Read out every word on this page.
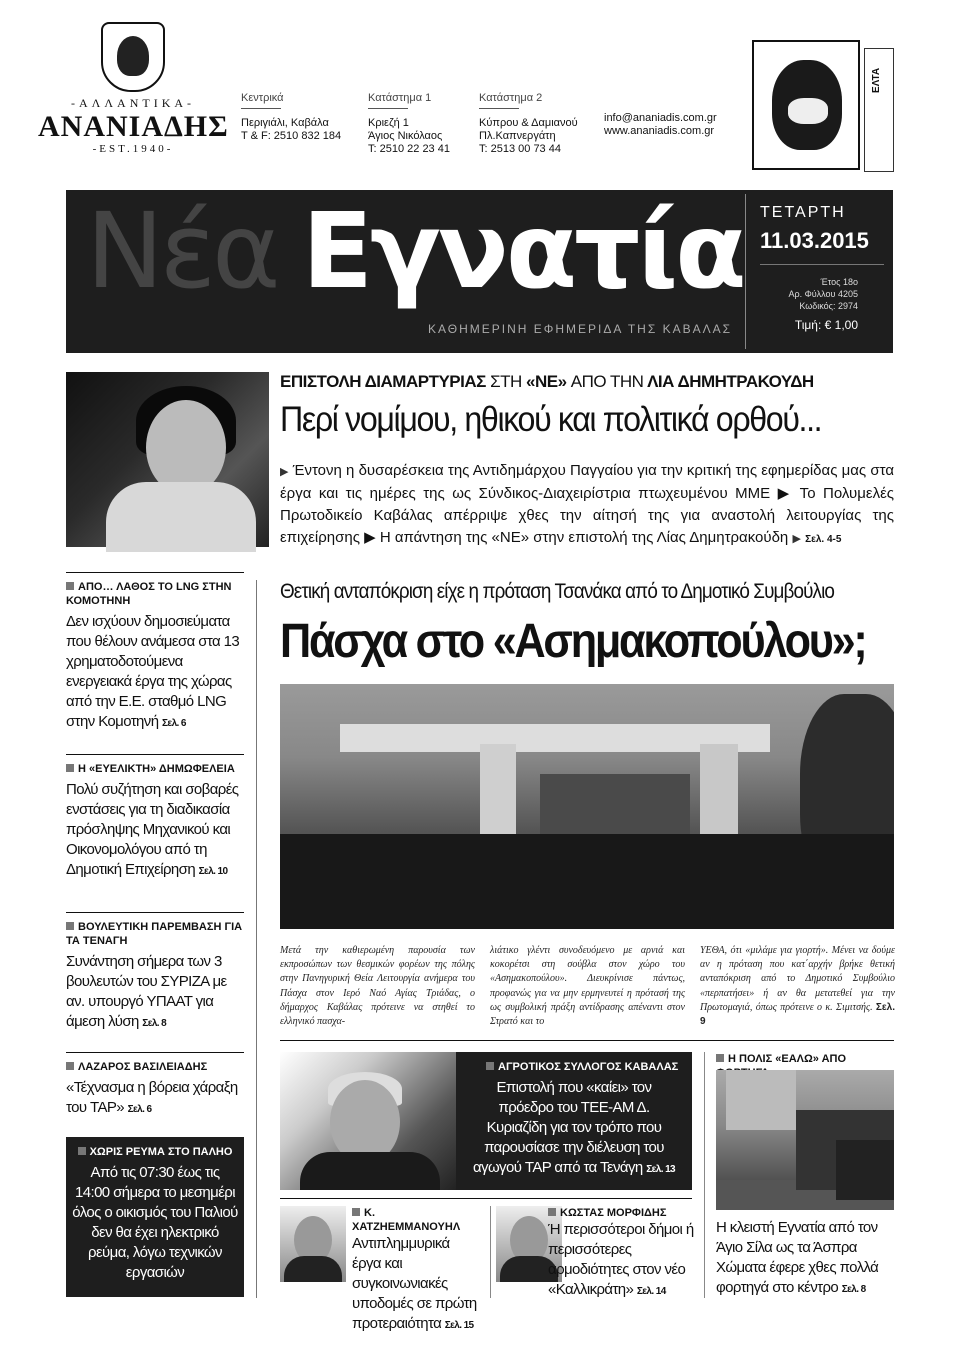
-ΑΛΛΑΝΤΙΚΑ-
ΑΝΑΝΙΑΔΗΣ
-EST.1940-
Κεντρικά
Περιγιάλι, Καβάλα
Τ & F: 2510 832 184
Κατάστημα 1
Κριεζή 1
Άγιος Νικόλαος
Τ: 2510 22 23 41
Κατάστημα 2
Κύπρου & Δαμιανού
Πλ.Καπνεργάτη
Τ: 2513 00 73 44
info@ananiadis.com.gr
www.ananiadis.com.gr
ΕΛΤΑ
Νέα Εγνατία
ΚΑΘΗΜΕΡΙΝΗ ΕΦΗΜΕΡΙΔΑ ΤΗΣ ΚΑΒΑΛΑΣ
ΤΕΤΑΡΤΗ
11.03.2015
Έτος 18ο
Αρ. Φύλλου 4205
Κωδικός: 2974
Τιμή: € 1,00
ΕΠΙΣΤΟΛΗ ΔΙΑΜΑΡΤΥΡΙΑΣ ΣΤΗ «ΝΕ» ΑΠΟ ΤΗΝ ΛΙΑ ΔΗΜΗΤΡΑΚΟΥΔΗ
Περί νομίμου, ηθικού και πολιτικά ορθού...
▶ Έντονη η δυσαρέσκεια της Αντιδημάρχου Παγγαίου για την κριτική της εφημερίδας μας στα έργα και τις ημέρες της ως Σύνδικος-Διαχειρίστρια πτωχευμένου ΜΜΕ ▶ Το Πολυμελές Πρωτοδικείο Καβάλας απέρριψε χθες την αίτησή της για αναστολή λειτουργίας της επιχείρησης ▶ Η απάντηση της «ΝΕ» στην επιστολή της Λίας Δημητρακούδη ▶ Σελ. 4-5
ΑΠΟ… ΛΑΘΟΣ ΤΟ LNG ΣΤΗΝ ΚΟΜΟΤΗΝΗ
Δεν ισχύουν δημοσιεύματα που θέλουν ανάμεσα στα 13 χρηματοδοτούμενα ενεργειακά έργα της χώρας από την Ε.Ε. σταθμό LNG στην Κομοτηνή Σελ. 6
Η «ΕΥΕΛΙΚΤΗ» ΔΗΜΩΦΕΛΕΙΑ
Πολύ συζήτηση και σοβαρές ενστάσεις για τη διαδικασία πρόσληψης Μηχανικού και Οικονομολόγου από τη Δημοτική Επιχείρηση Σελ. 10
ΒΟΥΛΕΥΤΙΚΗ ΠΑΡΕΜΒΑΣΗ ΓΙΑ ΤΑ ΤΕΝΑΓΗ
Συνάντηση σήμερα των 3 βουλευτών του ΣΥΡΙΖΑ με αν. υπουργό ΥΠΑΑΤ για άμεση λύση Σελ. 8
ΛΑΖΑΡΟΣ ΒΑΣΙΛΕΙΑΔΗΣ
«Τέχνασμα η βόρεια χάραξη του TAP» Σελ. 6
ΧΩΡΙΣ ΡΕΥΜΑ ΣΤΟ ΠΑΛΗΟ
Από τις 07:30 έως τις 14:00 σήμερα το μεσημέρι όλος ο οικισμός του Παλιού δεν θα έχει ηλεκτρικό ρεύμα, λόγω τεχνικών εργασιών
Θετική ανταπόκριση είχε η πρόταση Τσανάκα από το Δημοτικό Συμβούλιο
Πάσχα στο «Ασημακοπούλου»;
Μετά την καθιερωμένη παρουσία των εκπροσώπων των θεσμικών φορέων της πόλης στην Πανηγυρική Θεία Λειτουργία ανήμερα του Πάσχα στον Ιερό Ναό Αγίας Τριάδας, ο δήμαρχος Καβάλας πρότεινε να στηθεί το ελληνικό πασχα-
λιάτικο γλέντι συνοδευόμενο με αρνιά και κοκορέτσι στη σούβλα στον χώρο του «Ασημακοπούλου». Διευκρίνισε πάντως, προφανώς για να μην ερμηνευτεί η πρότασή της ως συμβολική πράξη αντίδρασης απέναντι στον Στρατό και το
ΥΕΘΑ, ότι «μιλάμε για γιορτή». Μένει να δούμε αν η πρόταση που κατ΄αρχήν βρήκε θετική ανταπόκριση από το Δημοτικό Συμβούλιο «περπατήσει» ή αν θα μετατεθεί για την Πρωτομαγιά, όπως πρότεινε ο κ. Σιμιτσής. Σελ. 9
ΑΓΡΟΤΙΚΟΣ ΣΥΛΛΟΓΟΣ ΚΑΒΑΛΑΣ
Επιστολή που «καίει» τον πρόεδρο του ΤΕΕ-ΑΜ Δ. Κυριαζίδη για τον τρόπο που παρουσίασε την διέλευση του αγωγού TAP από τα Τενάγη Σελ. 13
Κ. ΧΑΤΖΗΕΜΜΑΝΟΥΗΛ
Αντιπλημμυρικά έργα και συγκοινωνιακές υποδομές σε πρώτη προτεραιότητα Σελ. 15
ΚΩΣΤΑΣ ΜΟΡΦΙΔΗΣ
Ή περισσότεροι δήμοι ή περισσότερες αρμοδιότητες στον νέο «Καλλικράτη» Σελ. 14
Η ΠΟΛΙΣ «ΕΑΛΩ» ΑΠΟ
Η κλειστή Εγνατία από τον Άγιο Σίλα ως τα Άσπρα Χώματα έφερε χθες πολλά φορτηγά στο κέντρο Σελ. 8
